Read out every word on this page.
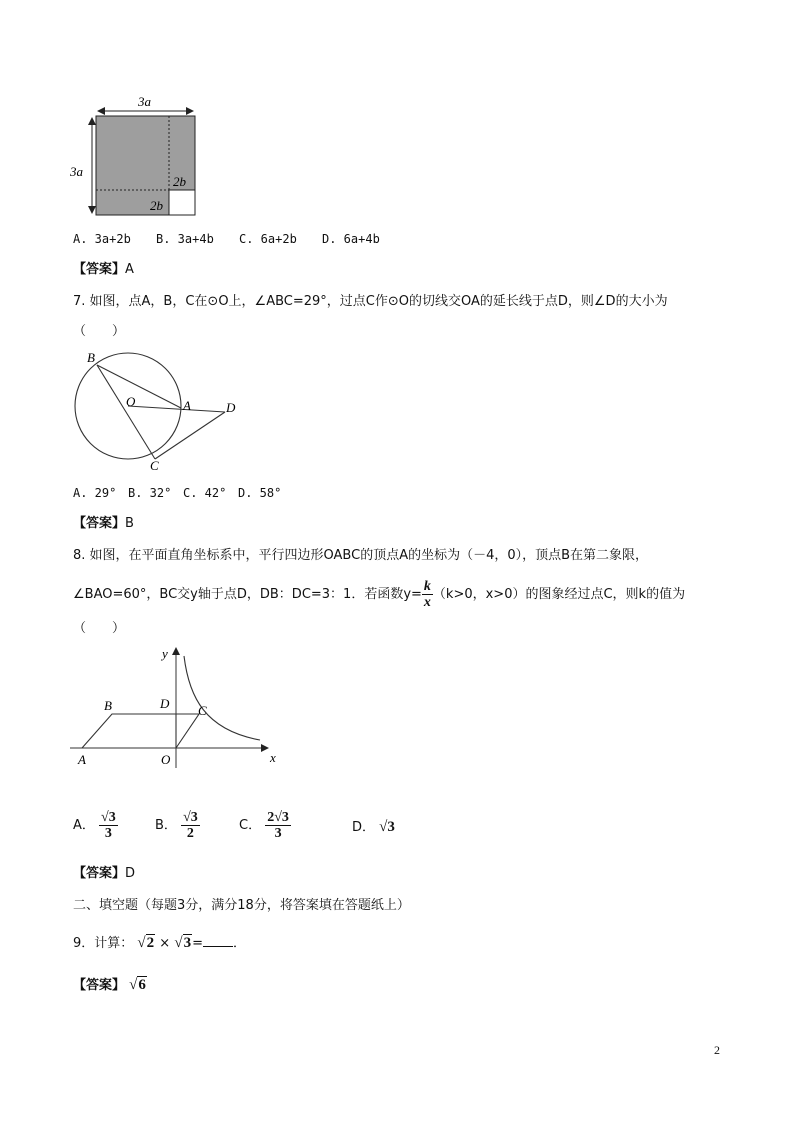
3a
3a
2b
2b
A. 3a+2b B. 3a+4b C. 6a+2b D. 6a+4b
【答案】A
7. 如图，点A，B，C在⊙O上，∠ABC=29°，过点C作⊙O的切线交OA的延长线于点D，则∠D的大小为
（　　）
B
O	A	D
C
A. 29° B. 32° C. 42° D. 58°
【答案】B
8. 如图，在平面直角坐标系中，平行四边形OABC的顶点A的坐标为（－4，0），顶点B在第二象限，
∠BAO=60°，BC交y轴于点D，DB：DC=3：1．若函数$y= \frac{k}{x} (k>0$，x>0）的图象经过点C，则k的值为
（　　）
y
x
B	D C
A	O
A． $\frac{√3}{3}$	B． $\frac{√3}{2}$	C． $\frac{2√3}{3}$	D． √3
【答案】D
二、填空题（每题3分，满分18分，将答案填在答题纸上）
9．计算： √2 × √3= ．
【答案】 √6
2
